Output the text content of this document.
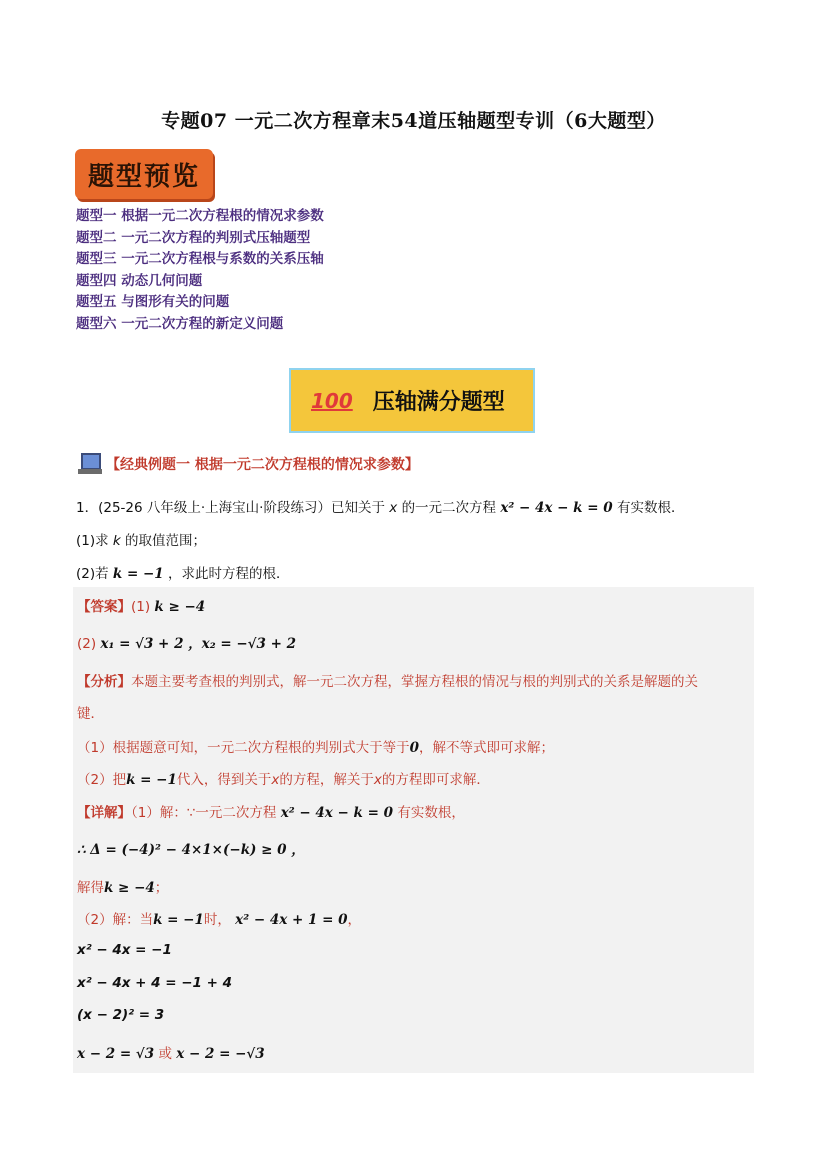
专题07 一元二次方程章末54道压轴题型专训（6大题型）
题型预览
题型一 根据一元二次方程根的情况求参数
题型二 一元二次方程的判别式压轴题型
题型三 一元二次方程根与系数的关系压轴
题型四 动态几何问题
题型五 与图形有关的问题
题型六 一元二次方程的新定义问题
100 压轴满分题型
【经典例题一 根据一元二次方程根的情况求参数】
1．(25-26 八年级上·上海宝山·阶段练习）已知关于 x 的一元二次方程 x² − 4x − k = 0 有实数根．
(1)求 k 的取值范围；
(2)若 k = −1 ，求此时方程的根．
【答案】(1) k ≥ −4
(2) x₁ = √3 + 2 ，x₂ = −√3 + 2
【分析】本题主要考查根的判别式，解一元二次方程，掌握方程根的情况与根的判别式的关系是解题的关
键．
（1）根据题意可知，一元二次方程根的判别式大于等于0，解不等式即可求解；
（2）把k = −1代入，得到关于x的方程，解关于x的方程即可求解．
【详解】（1）解：∵一元二次方程 x² − 4x − k = 0 有实数根，
∴ Δ = (−4)² − 4×1×(−k) ≥ 0 ，
解得k ≥ −4；
（2）解：当k = −1时， x² − 4x + 1 = 0，
x² − 4x = −1
x² − 4x + 4 = −1 + 4
(x − 2)² = 3
x − 2 = √3 或 x − 2 = −√3
